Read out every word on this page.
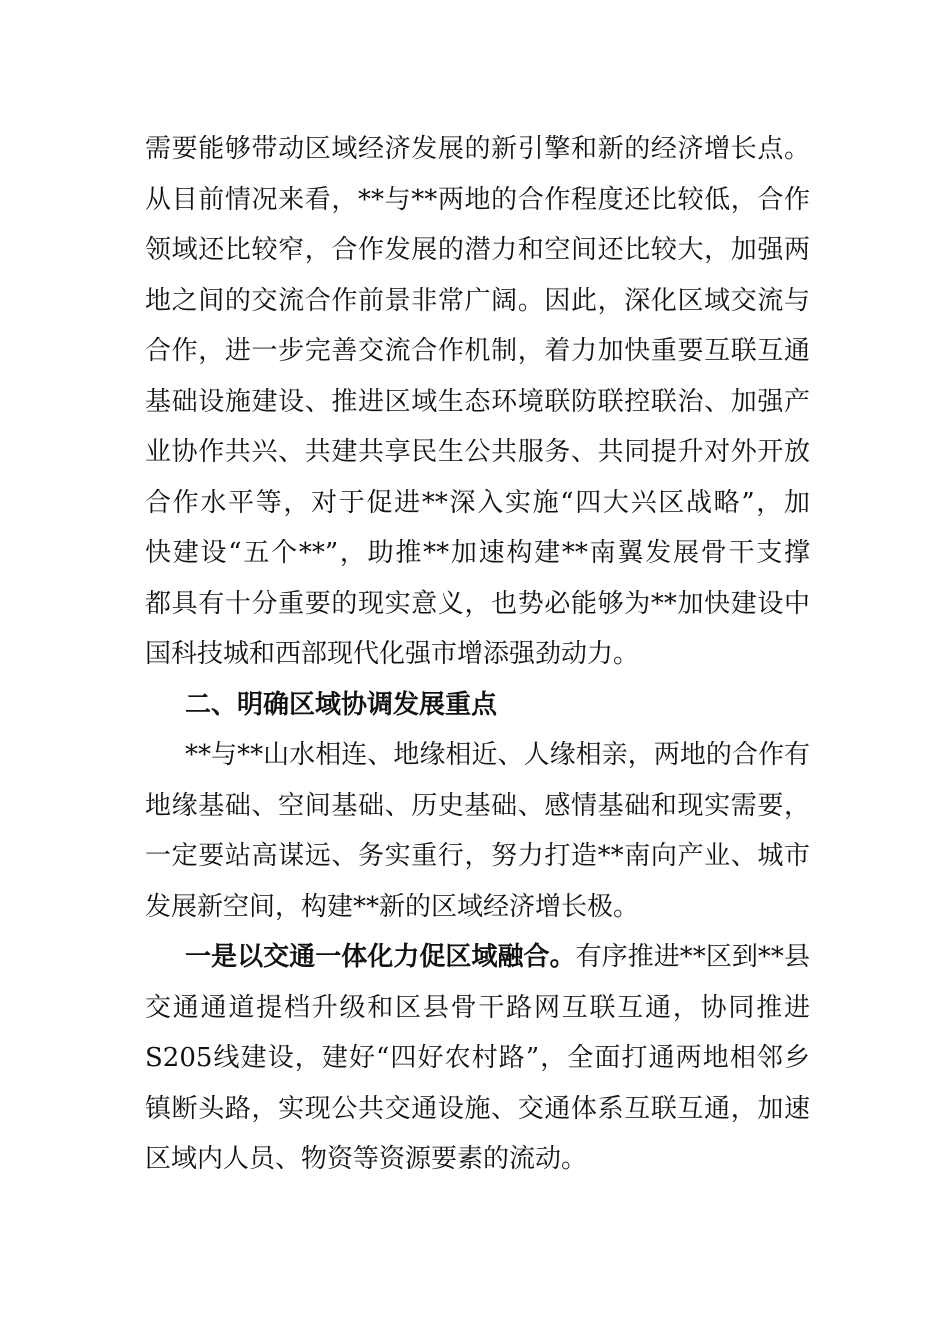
需要能够带动区域经济发展的新引擎和新的经济增长点。
从目前情况来看，**与**两地的合作程度还比较低，合作
领域还比较窄，合作发展的潜力和空间还比较大，加强两
地之间的交流合作前景非常广阔。因此，深化区域交流与
合作，进一步完善交流合作机制，着力加快重要互联互通
基础设施建设、推进区域生态环境联防联控联治、加强产
业协作共兴、共建共享民生公共服务、共同提升对外开放
合作水平等，对于促进**深入实施“四大兴区战略”，加
快建设“五个**”，助推**加速构建**南翼发展骨干支撑
都具有十分重要的现实意义，也势必能够为**加快建设中
国科技城和西部现代化强市增添强劲动力。
二、明确区域协调发展重点
**与**山水相连、地缘相近、人缘相亲，两地的合作有
地缘基础、空间基础、历史基础、感情基础和现实需要，
一定要站高谋远、务实重行，努力打造**南向产业、城市
发展新空间，构建**新的区域经济增长极。
一是以交通一体化力促区域融合。有序推进**区到**县
交通通道提档升级和区县骨干路网互联互通，协同推进
S205线建设，建好“四好农村路”，全面打通两地相邻乡
镇断头路，实现公共交通设施、交通体系互联互通，加速
区域内人员、物资等资源要素的流动。
